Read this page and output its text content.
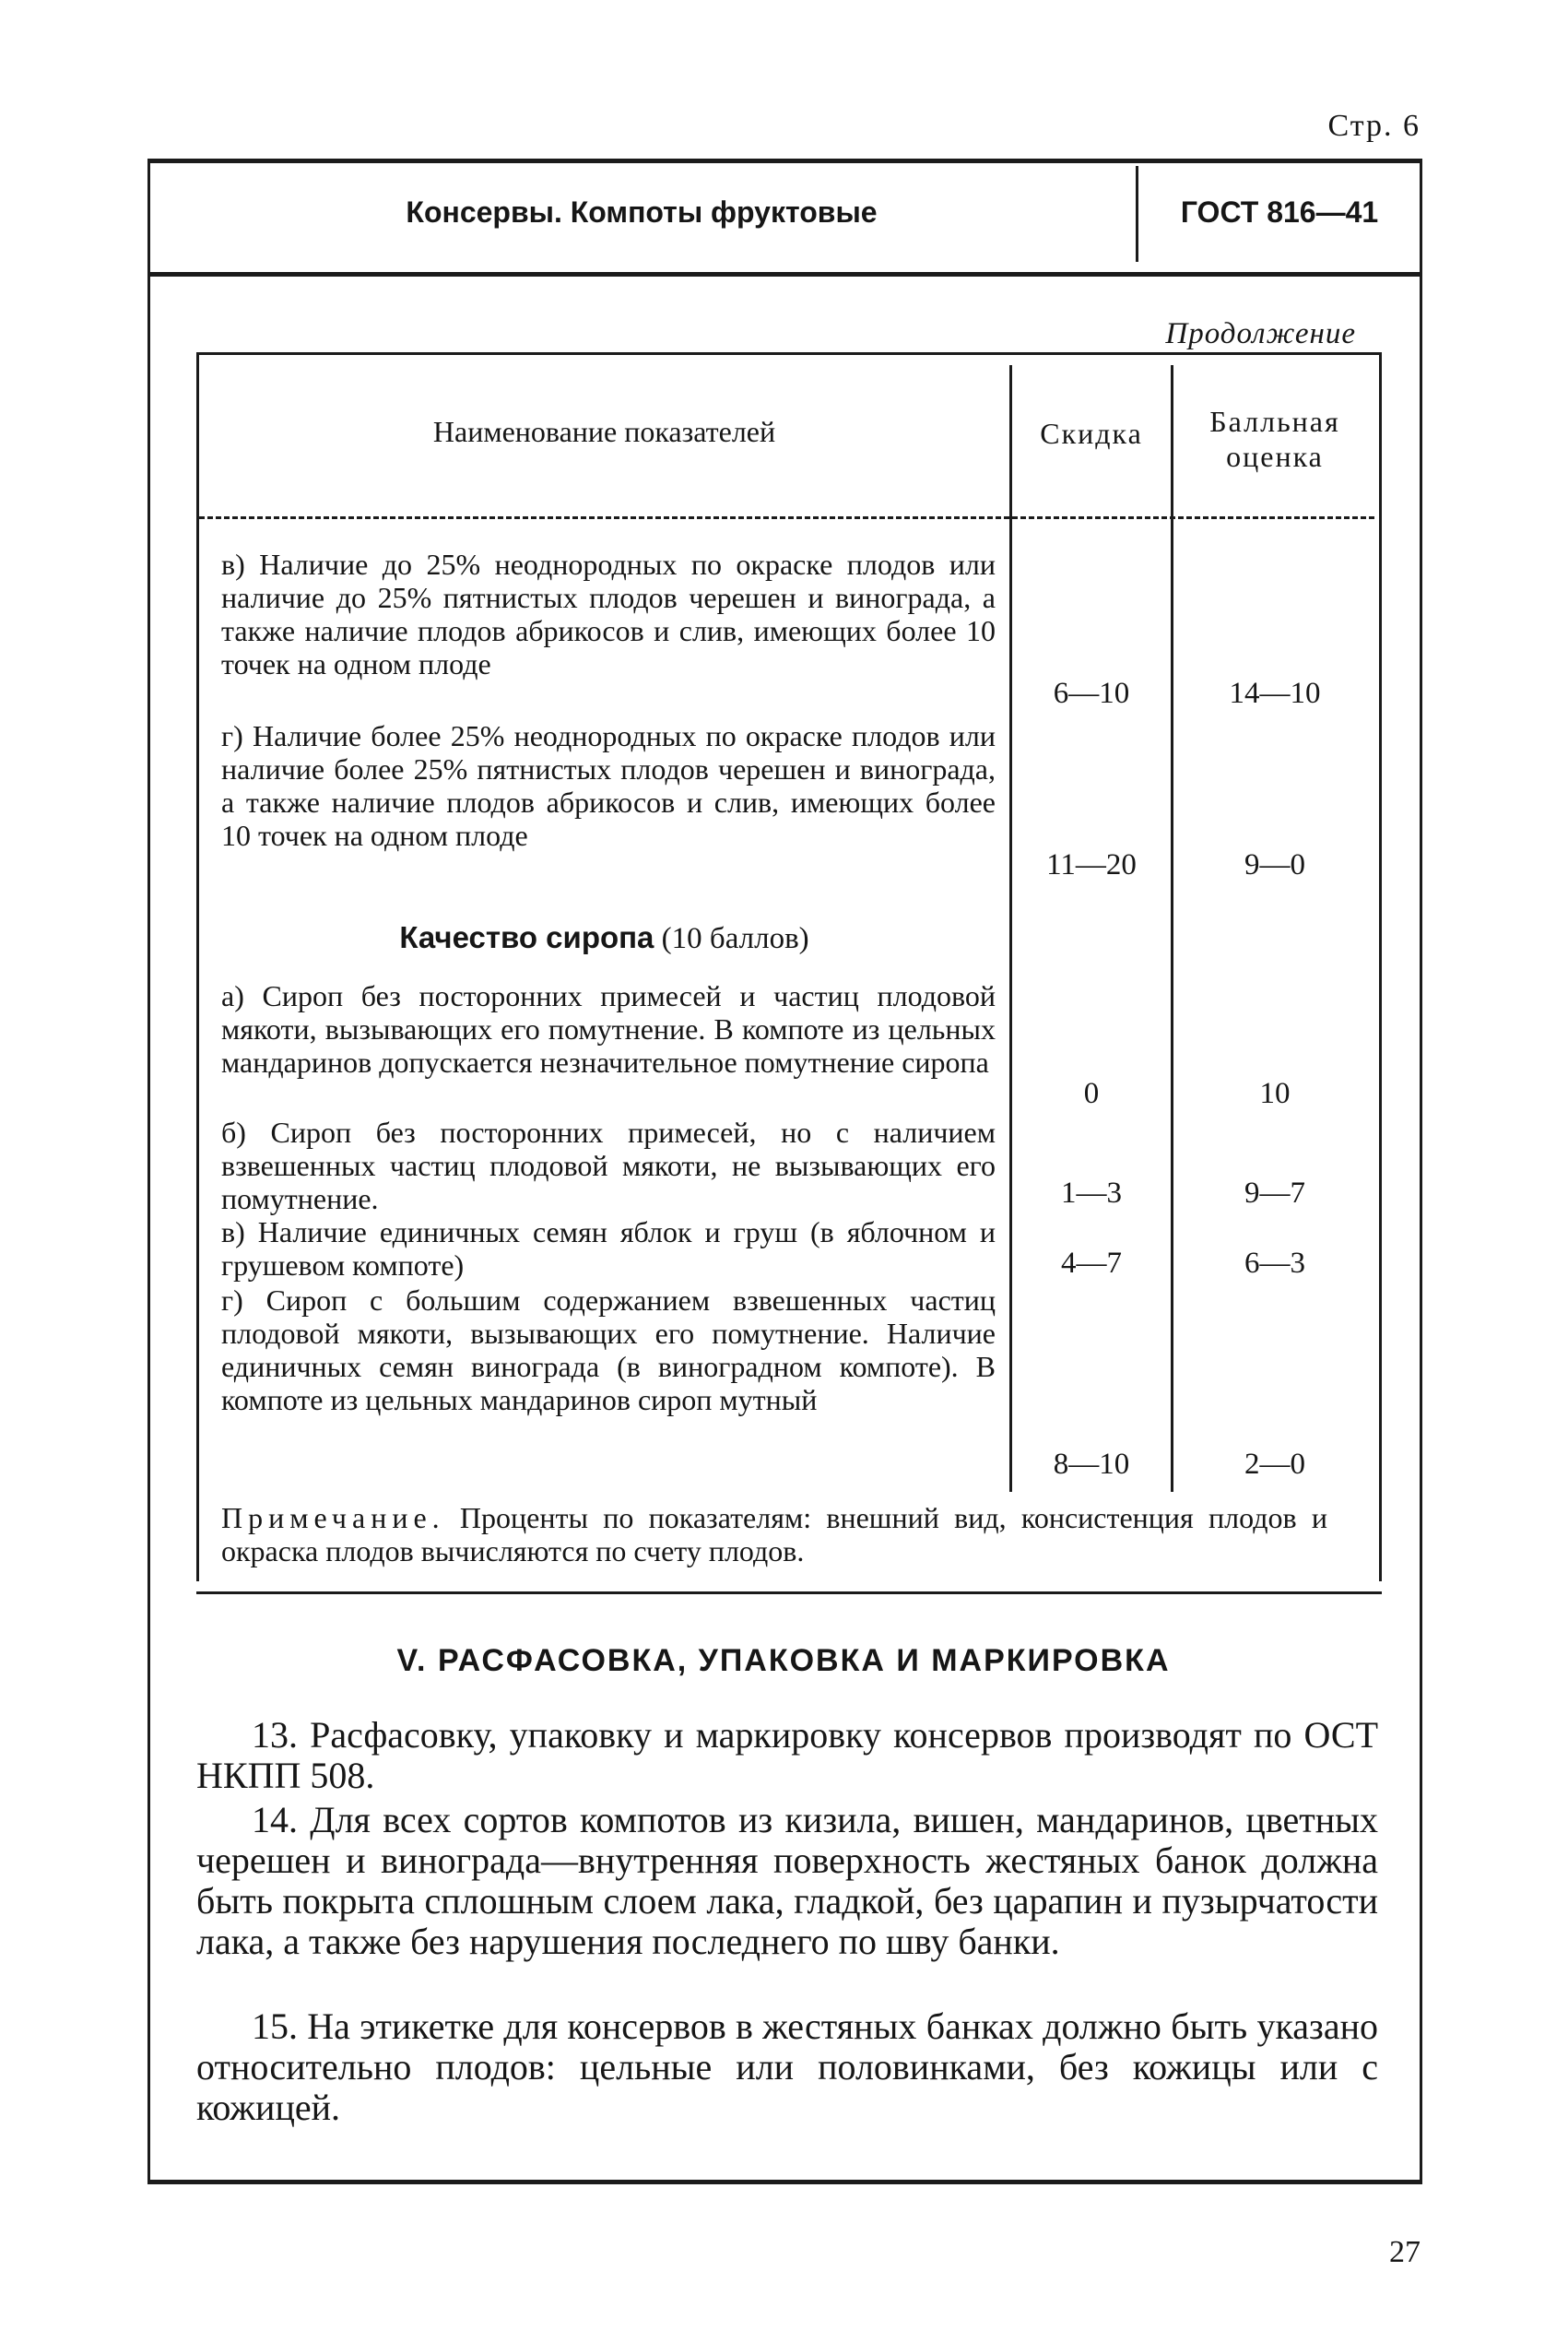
Стр. 6
Консервы. Компоты фруктовые	ГОСТ 816—41
Продолжение
Наименование показателей	Скидка	Балльная оценка
в) Наличие до 25% неоднородных по окраске плодов или наличие до 25% пятнистых плодов черешен и винограда, а также наличие плодов абрикосов и слив, имеющих более 10 точек на одном плоде
6—10	14—10
г) Наличие более 25% неоднородных по окраске плодов или наличие более 25% пятнистых плодов черешен и винограда, а также наличие плодов абрикосов и слив, имеющих более 10 точек на одном плоде
11—20	9—0
Качество сиропа (10 баллов)
а) Сироп без посторонних примесей и частиц плодовой мякоти, вызывающих его помутнение. В компоте из цельных мандаринов допускается незначительное помутнение сиропа
0	10
б) Сироп без посторонних примесей, но с наличием взвешенных частиц плодовой мякоти, не вызывающих его помутнение.	1—3	9—7
в) Наличие единичных семян яблок и груш (в яблочном и грушевом компоте)	4—7	6—3
г) Сироп с большим содержанием взвешенных частиц плодовой мякоти, вызывающих его помутнение. Наличие единичных семян винограда (в виноградном компоте). В компоте из цельных мандаринов сироп мутный
8—10	2—0
Примечание. Проценты по показателям: внешний вид, консистенция плодов и окраска плодов вычисляются по счету плодов.
V. РАСФАСОВКА, УПАКОВКА И МАРКИРОВКА
13. Расфасовку, упаковку и маркировку консервов производят по ОСТ НКПП 508.
14. Для всех сортов компотов из кизила, вишен, мандаринов, цветных черешен и винограда—внутренняя поверхность жестяных банок должна быть покрыта сплошным слоем лака, гладкой, без царапин и пузырчатости лака, а также без нарушения последнего по шву банки.
15. На этикетке для консервов в жестяных банках должно быть указано относительно плодов: цельные или половинками, без кожицы или с кожицей.
27
